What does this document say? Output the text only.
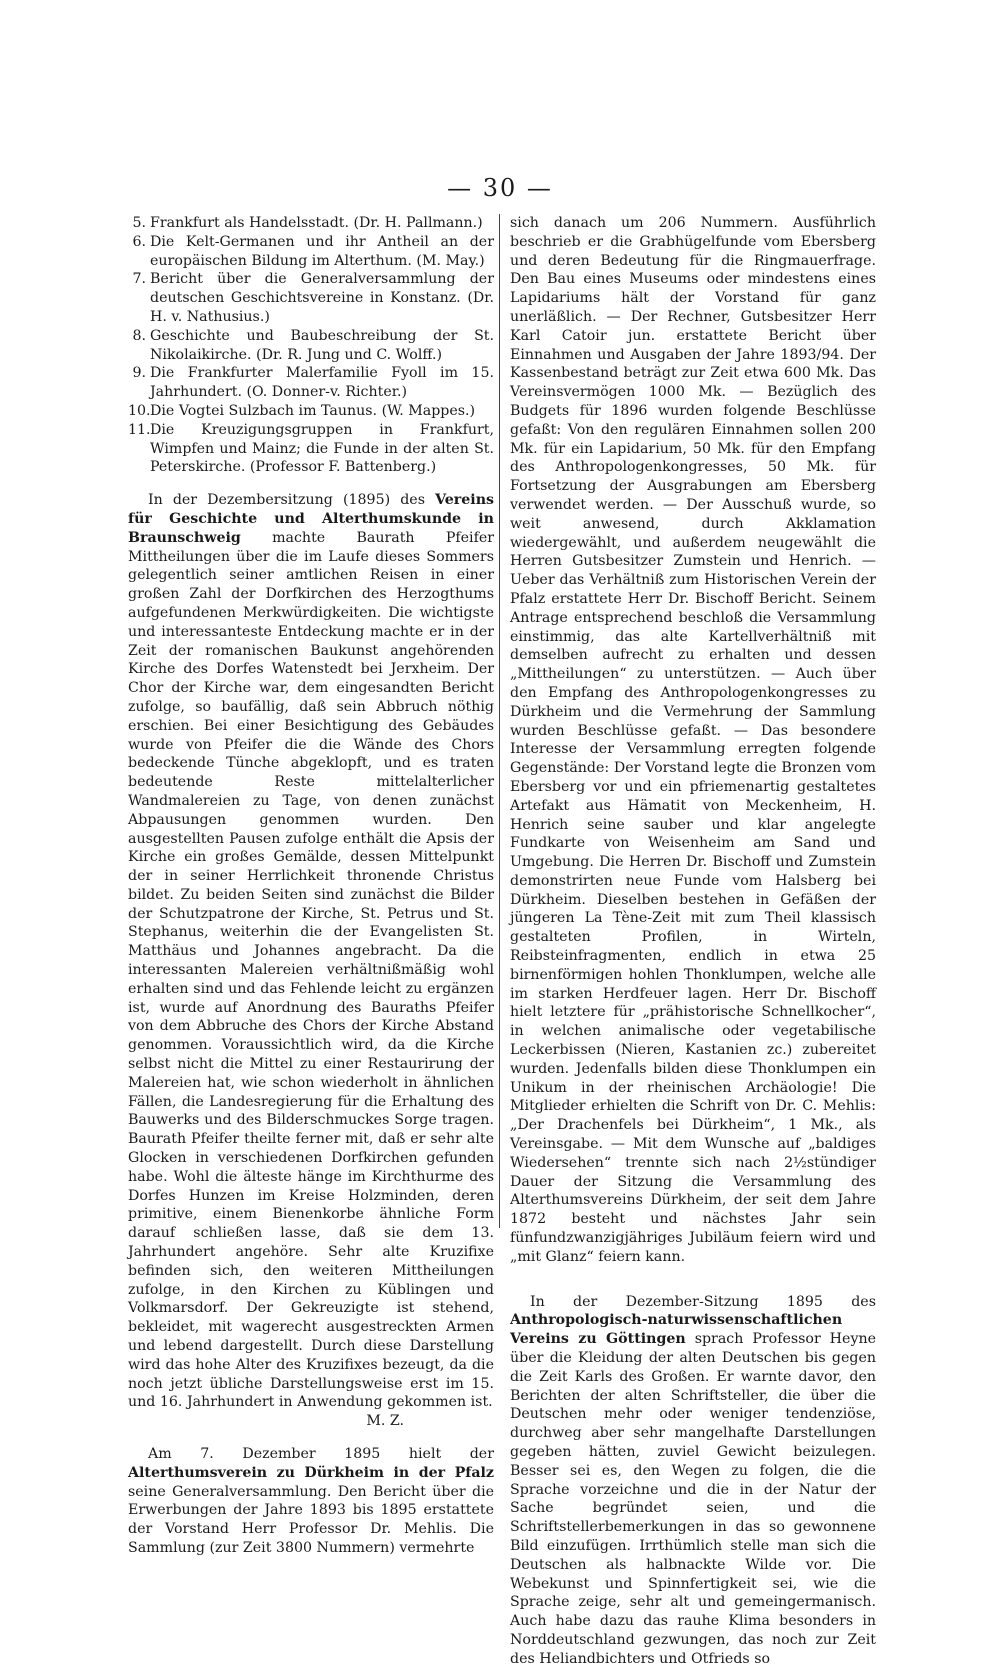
— 30 —
5. Frankfurt als Handelsstadt. (Dr. H. Pallmann.)
6. Die Kelt-Germanen und ihr Antheil an der europäischen Bildung im Alterthum. (M. May.)
7. Bericht über die Generalversammlung der deutschen Geschichtsvereine in Konstanz. (Dr. H. v. Nathusius.)
8. Geschichte und Baubeschreibung der St. Nikolaikirche. (Dr. R. Jung und C. Wolff.)
9. Die Frankfurter Malerfamilie Fyoll im 15. Jahrhundert. (O. Donner-v. Richter.)
10. Die Vogtei Sulzbach im Taunus. (W. Mappes.)
11. Die Kreuzigungsgruppen in Frankfurt, Wimpfen und Mainz; die Funde in der alten St. Peterskirche. (Professor F. Battenberg.)

In der Dezembersitzung (1895) des Vereins für Geschichte und Alterthumskunde in Braunschweig machte Baurath Pfeifer Mittheilungen über die im Laufe dieses Sommers gelegentlich seiner amtlichen Reisen in einer großen Zahl der Dorfkirchen des Herzogthums aufgefundenen Merkwürdigkeiten. Die wichtigste und interessanteste Entdeckung machte er in der Zeit der romanischen Baukunst angehörenden Kirche des Dorfes Watenstedt bei Jerxheim. Der Chor der Kirche war, dem eingesandten Bericht zufolge, so baufällig, daß sein Abbruch nöthig erschien. Bei einer Besichtigung des Gebäudes wurde von Pfeifer die die Wände des Chors bedeckende Tünche abgeklopft, und es traten bedeutende Reste mittelalterlicher Wandmalereien zu Tage, von denen zunächst Abpausungen genommen wurden. Den ausgestellten Pausen zufolge enthält die Apsis der Kirche ein großes Gemälde, dessen Mittelpunkt der in seiner Herrlichkeit thronende Christus bildet. Zu beiden Seiten sind zunächst die Bilder der Schutzpatrone der Kirche, St. Petrus und St. Stephanus, weiterhin die der Evangelisten St. Matthäus und Johannes angebracht. Da die interessanten Malereien verhältnißmäßig wohl erhalten sind und das Fehlende leicht zu ergänzen ist, wurde auf Anordnung des Bauraths Pfeifer von dem Abbruche des Chors der Kirche Abstand genommen. Voraussichtlich wird, da die Kirche selbst nicht die Mittel zu einer Restaurirung der Malereien hat, wie schon wiederholt in ähnlichen Fällen, die Landesregierung für die Erhaltung des Bauwerks und des Bilderschmuckes Sorge tragen. Baurath Pfeifer theilte ferner mit, daß er sehr alte Glocken in verschiedenen Dorfkirchen gefunden habe. Wohl die älteste hänge im Kirchthurme des Dorfes Hunzen im Kreise Holzminden, deren primitive, einem Bienenkorbe ähnliche Form darauf schließen lasse, daß sie dem 13. Jahrhundert angehöre. Sehr alte Kruzifixe befinden sich, den weiteren Mittheilungen zufolge, in den Kirchen zu Küblingen und Volkmarsdorf. Der Gekreuzigte ist stehend, bekleidet, mit wagerecht ausgestreckten Armen und lebend dargestellt. Durch diese Darstellung wird das hohe Alter des Kruzifixes bezeugt, da die noch jetzt übliche Darstellungsweise erst im 15. und 16. Jahrhundert in Anwendung gekommen ist.

M. Z.

Am 7. Dezember 1895 hielt der Alterthumsverein zu Dürkheim in der Pfalz seine Generalversammlung. Den Bericht über die Erwerbungen der Jahre 1893 bis 1895 erstattete der Vorstand Herr Professor Dr. Mehlis. Die Sammlung (zur Zeit 3800 Nummern) vermehrte

sich danach um 206 Nummern. Ausführlich beschrieb er die Grabhügelfunde vom Ebersberg und deren Bedeutung für die Ringmauerfrage. Den Bau eines Museums oder mindestens eines Lapidariums hält der Vorstand für ganz unerläßlich. — Der Rechner, Gutsbesitzer Herr Karl Catoir jun. erstattete Bericht über Einnahmen und Ausgaben der Jahre 1893/94. Der Kassenbestand beträgt zur Zeit etwa 600 Mk. Das Vereinsvermögen 1000 Mk. — Bezüglich des Budgets für 1896 wurden folgende Beschlüsse gefaßt: Von den regulären Einnahmen sollen 200 Mk. für ein Lapidarium, 50 Mk. für den Empfang des Anthropologenkongresses, 50 Mk. für Fortsetzung der Ausgrabungen am Ebersberg verwendet werden. — Der Ausschuß wurde, so weit anwesend, durch Akklamation wiedergewählt, und außerdem neugewählt die Herren Gutsbesitzer Zumstein und Henrich. — Ueber das Verhältniß zum Historischen Verein der Pfalz erstattete Herr Dr. Bischoff Bericht. Seinem Antrage entsprechend beschloß die Versammlung einstimmig, das alte Kartellverhältniß mit demselben aufrecht zu erhalten und dessen „Mittheilungen“ zu unterstützen. — Auch über den Empfang des Anthropologenkongresses zu Dürkheim und die Vermehrung der Sammlung wurden Beschlüsse gefaßt. — Das besondere Interesse der Versammlung erregten folgende Gegenstände: Der Vorstand legte die Bronzen vom Ebersberg vor und ein pfriemenartig gestaltetes Artefakt aus Hämatit von Meckenheim, H. Henrich seine sauber und klar angelegte Fundkarte von Weisenheim am Sand und Umgebung. Die Herren Dr. Bischoff und Zumstein demonstrirten neue Funde vom Halsberg bei Dürkheim. Dieselben bestehen in Gefäßen der jüngeren La Tène-Zeit mit zum Theil klassisch gestalteten Profilen, in Wirteln, Reibsteinfragmenten, endlich in etwa 25 birnenförmigen hohlen Thonklumpen, welche alle im starken Herdfeuer lagen. Herr Dr. Bischoff hielt letztere für „prähistorische Schnellkocher“, in welchen animalische oder vegetabilische Leckerbissen (Nieren, Kastanien zc.) zubereitet wurden. Jedenfalls bilden diese Thonklumpen ein Unikum in der rheinischen Archäologie! Die Mitglieder erhielten die Schrift von Dr. C. Mehlis: „Der Drachenfels bei Dürkheim“, 1 Mk., als Vereinsgabe. — Mit dem Wunsche auf „baldiges Wiedersehen“ trennte sich nach 2½stündiger Dauer der Sitzung die Versammlung des Alterthumsvereins Dürkheim, der seit dem Jahre 1872 besteht und nächstes Jahr sein fünfundzwanzigjähriges Jubiläum feiern wird und „mit Glanz“ feiern kann.

In der Dezember-Sitzung 1895 des Anthropologisch-naturwissenschaftlichen Vereins zu Göttingen sprach Professor Heyne über die Kleidung der alten Deutschen bis gegen die Zeit Karls des Großen. Er warnte davor, den Berichten der alten Schriftsteller, die über die Deutschen mehr oder weniger tendenziöse, durchweg aber sehr mangelhafte Darstellungen gegeben hätten, zuviel Gewicht beizulegen. Besser sei es, den Wegen zu folgen, die die Sprache vorzeichne und die in der Natur der Sache begründet seien, und die Schriftstellerbemerkungen in das so gewonnene Bild einzufügen. Irrthümlich stelle man sich die Deutschen als halbnackte Wilde vor. Die Webekunst und Spinnfertigkeit sei, wie die Sprache zeige, sehr alt und gemeingermanisch. Auch habe dazu das rauhe Klima besonders in Norddeutschland gezwungen, das noch zur Zeit des Heliandbichters und Otfrieds so
